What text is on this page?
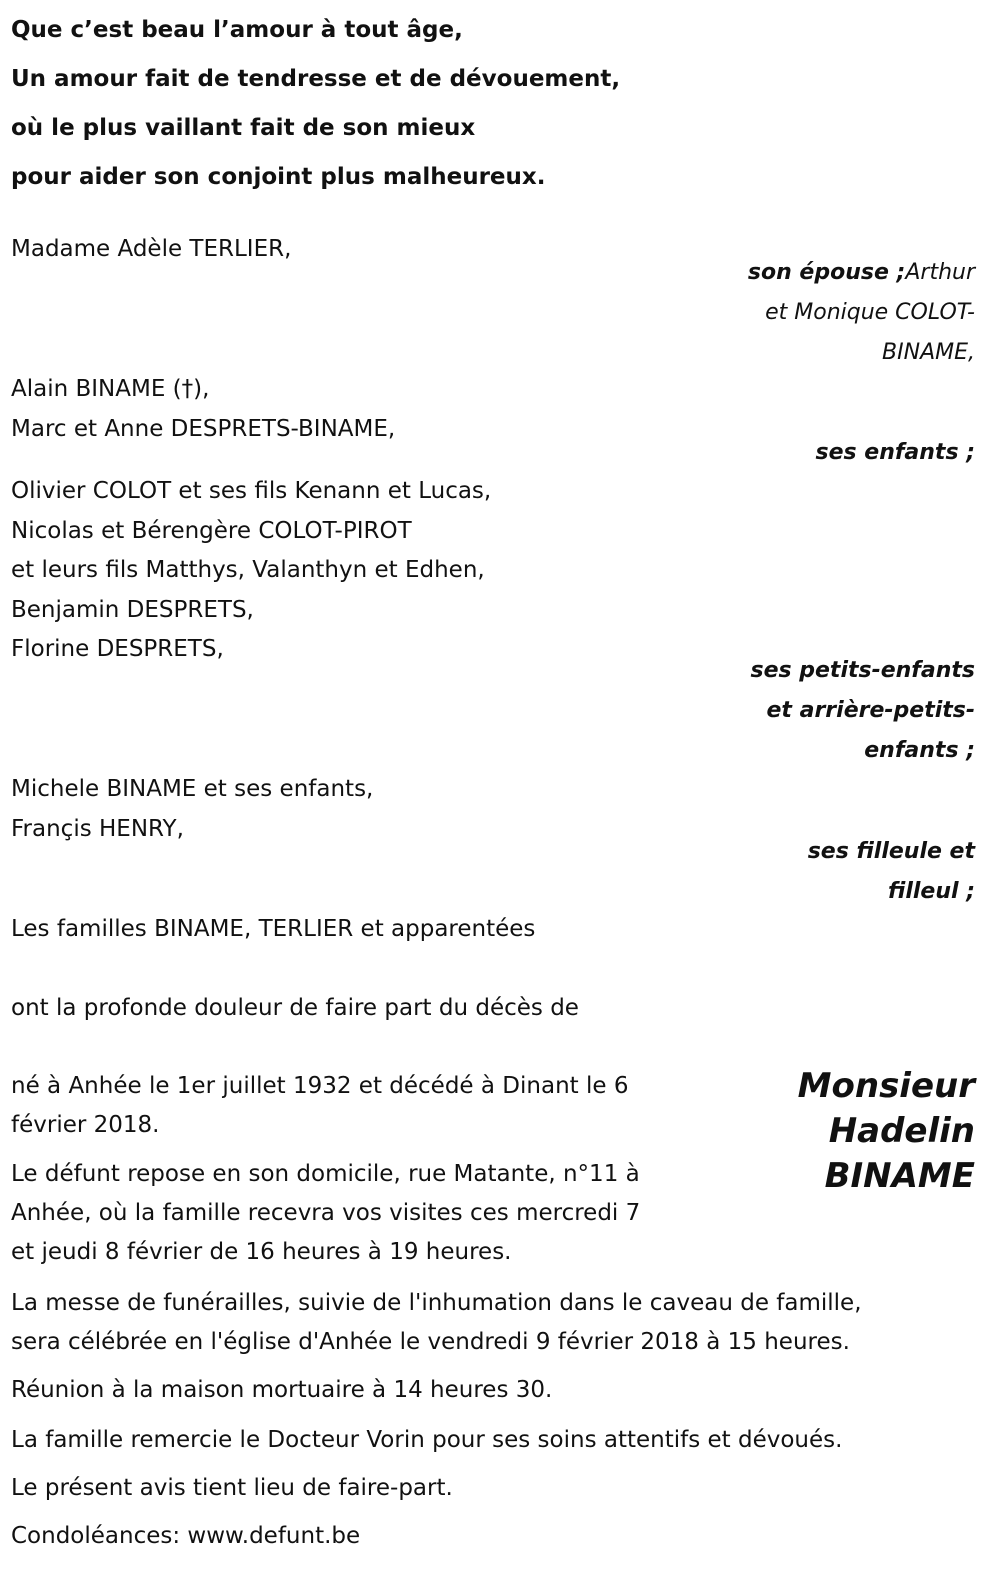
Que c’est beau l’amour à tout âge,
Un amour fait de tendresse et de dévouement,
où le plus vaillant fait de son mieux
pour aider son conjoint plus malheureux.
Madame Adèle TERLIER,
son épouse ;Arthur
et Monique COLOT-
BINAME,
Alain BINAME (†),
Marc et Anne DESPRETS-BINAME,
ses enfants ;
Olivier COLOT et ses fils Kenann et Lucas,
Nicolas et Bérengère COLOT-PIROT
et leurs fils Matthys, Valanthyn et Edhen,
Benjamin DESPRETS,
Florine DESPRETS,
ses petits-enfants
et arrière-petits-
enfants ;
Michele BINAME et ses enfants,
Françis HENRY,
ses filleule et
filleul ;
Les familles BINAME, TERLIER et apparentées
ont la profonde douleur de faire part du décès de
Monsieur
Hadelin
BINAME
né à Anhée le 1er juillet 1932 et décédé à Dinant le 6
février 2018.
Le défunt repose en son domicile, rue Matante, n°11 à
Anhée, où la famille recevra vos visites ces mercredi 7
et jeudi 8 février de 16 heures à 19 heures.
La messe de funérailles, suivie de l'inhumation dans le caveau de famille,
sera célébrée en l'église d'Anhée le vendredi 9 février 2018 à 15 heures.
Réunion à la maison mortuaire à 14 heures 30.
La famille remercie le Docteur Vorin pour ses soins attentifs et dévoués.
Le présent avis tient lieu de faire-part.
Condoléances: www.defunt.be
